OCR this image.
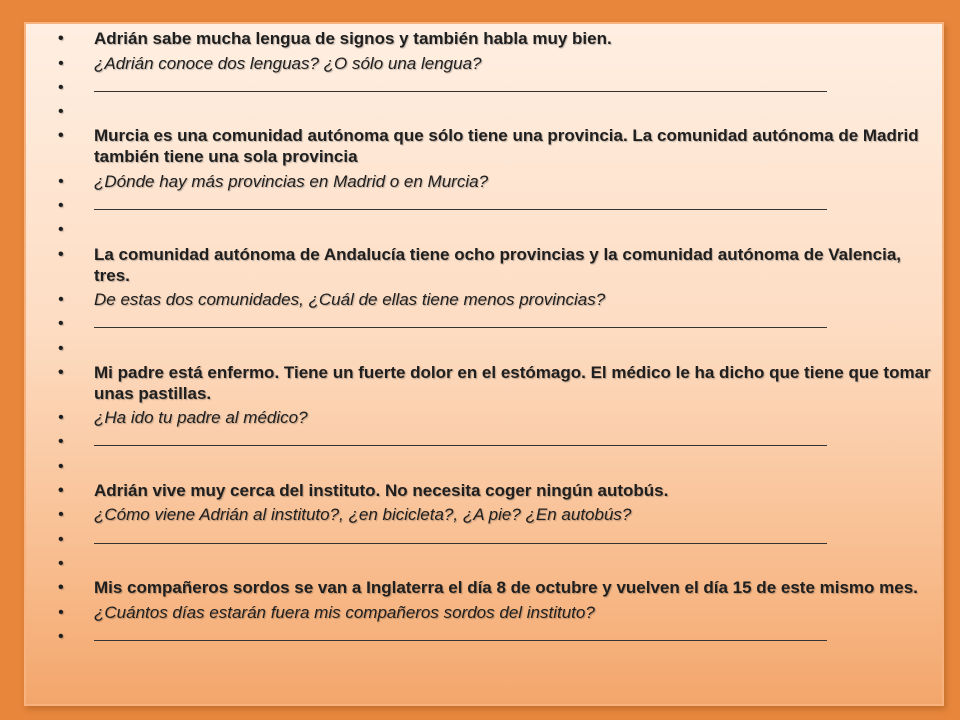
• Adrián sabe mucha lengua de signos y también habla muy bien.
• ¿Adrián conoce dos lenguas? ¿O sólo una lengua?
•
•
• Murcia es una comunidad autónoma que sólo tiene una provincia. La comunidad autónoma de Madrid también tiene una sola provincia
• ¿Dónde hay más provincias en Madrid o en Murcia?
•
•
• La comunidad autónoma de Andalucía tiene ocho provincias y la comunidad autónoma de Valencia, tres.
• De estas dos comunidades, ¿Cuál de ellas tiene menos provincias?
•
•
• Mi padre está enfermo. Tiene un fuerte dolor en el estómago. El médico le ha dicho que tiene que tomar unas pastillas.
• ¿Ha ido tu padre al médico?
•
•
• Adrián vive muy cerca del instituto. No necesita coger ningún autobús.
• ¿Cómo viene Adrián al instituto?, ¿en bicicleta?, ¿A pie? ¿En autobús?
•
•
• Mis compañeros sordos se van a Inglaterra el día 8 de octubre y vuelven el día 15 de este mismo mes.
• ¿Cuántos días estarán fuera mis compañeros sordos del instituto?
•
